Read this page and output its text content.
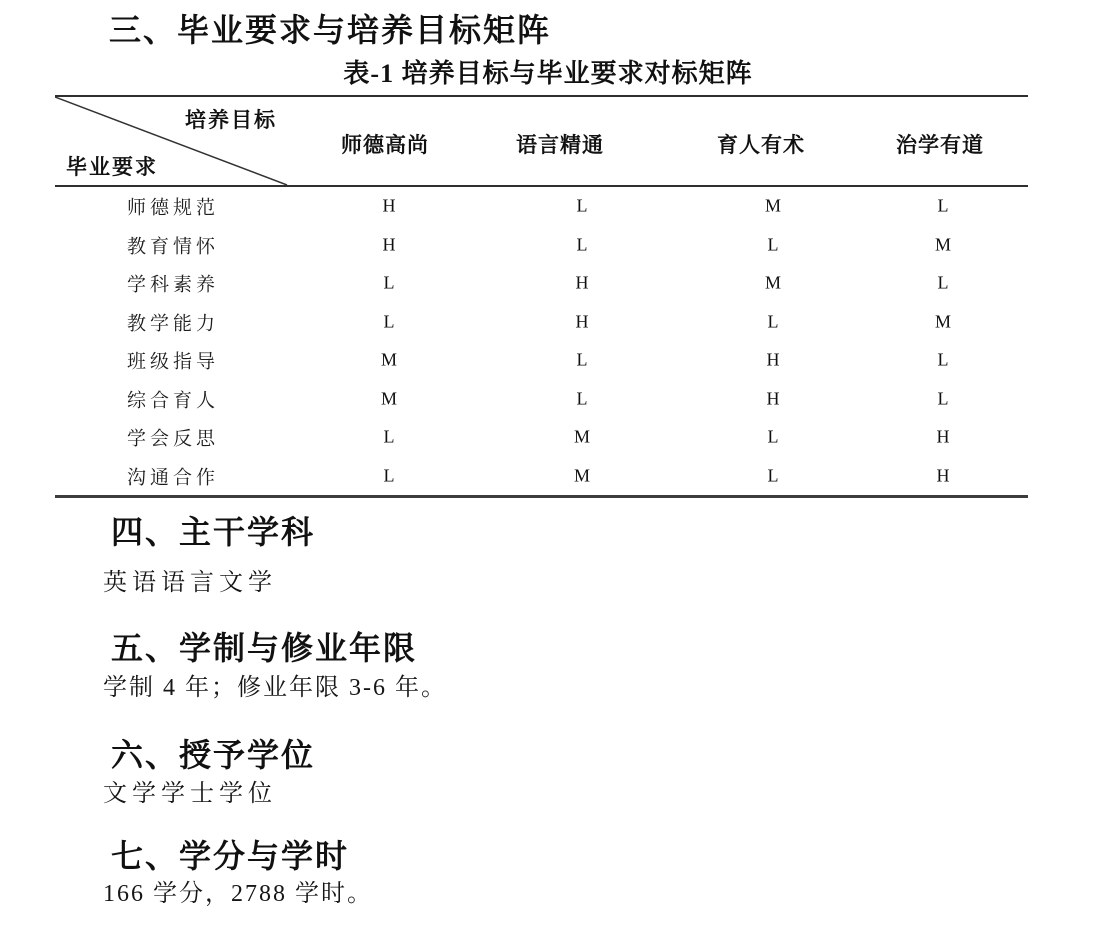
三、毕业要求与培养目标矩阵
表-1 培养目标与毕业要求对标矩阵
培养目标
毕业要求
师德高尚	语言精通	育人有术	治学有道
师德规范	H	L	M	L
教育情怀	H	L	L	M
学科素养	L	H	M	L
教学能力	L	H	L	M
班级指导	M	L	H	L
综合育人	M	L	H	L
学会反思	L	M	L	H
沟通合作	L	M	L	H
四、主干学科
英语语言文学
五、学制与修业年限
学制 4 年；修业年限 3-6 年。
六、授予学位
文学学士学位
七、学分与学时
166 学分，2788 学时。
